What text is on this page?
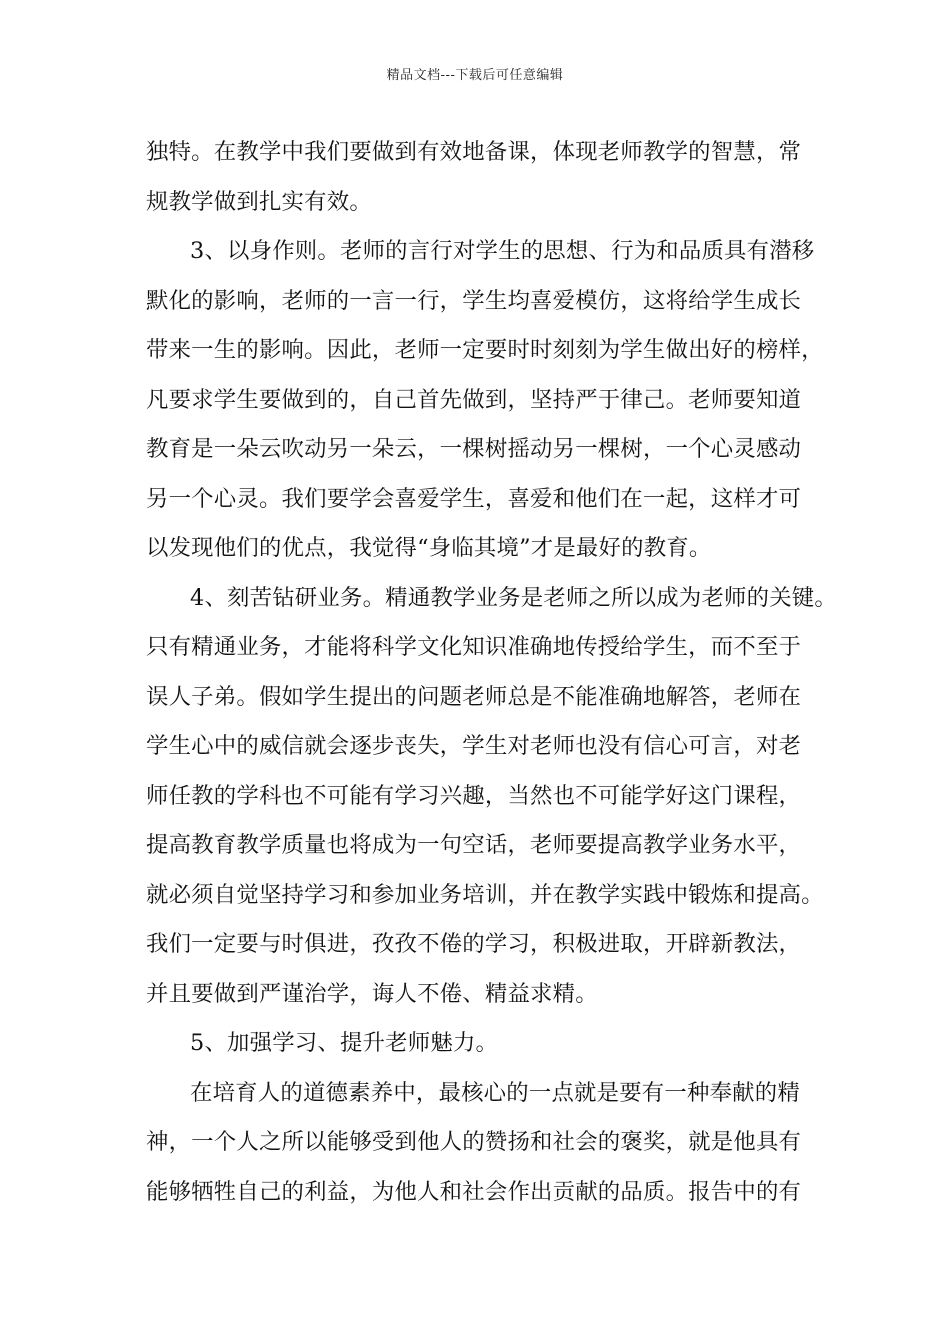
精品文档---下载后可任意编辑
独特。在教学中我们要做到有效地备课，体现老师教学的智慧，常
规教学做到扎实有效。
3、以身作则。老师的言行对学生的思想、行为和品质具有潜移
默化的影响，老师的一言一行，学生均喜爱模仿，这将给学生成长
带来一生的影响。因此，老师一定要时时刻刻为学生做出好的榜样，
凡要求学生要做到的，自己首先做到，坚持严于律己。老师要知道
教育是一朵云吹动另一朵云，一棵树摇动另一棵树，一个心灵感动
另一个心灵。我们要学会喜爱学生，喜爱和他们在一起，这样才可
以发现他们的优点，我觉得“身临其境”才是最好的教育。
4、刻苦钻研业务。精通教学业务是老师之所以成为老师的关键。
只有精通业务，才能将科学文化知识准确地传授给学生，而不至于
误人子弟。假如学生提出的问题老师总是不能准确地解答，老师在
学生心中的威信就会逐步丧失，学生对老师也没有信心可言，对老
师任教的学科也不可能有学习兴趣，当然也不可能学好这门课程，
提高教育教学质量也将成为一句空话，老师要提高教学业务水平，
就必须自觉坚持学习和参加业务培训，并在教学实践中锻炼和提高。
我们一定要与时俱进，孜孜不倦的学习，积极进取，开辟新教法，
并且要做到严谨治学，诲人不倦、精益求精。
5、加强学习、提升老师魅力。
在培育人的道德素养中，最核心的一点就是要有一种奉献的精
神，一个人之所以能够受到他人的赞扬和社会的褒奖，就是他具有
能够牺牲自己的利益，为他人和社会作出贡献的品质。报告中的有
